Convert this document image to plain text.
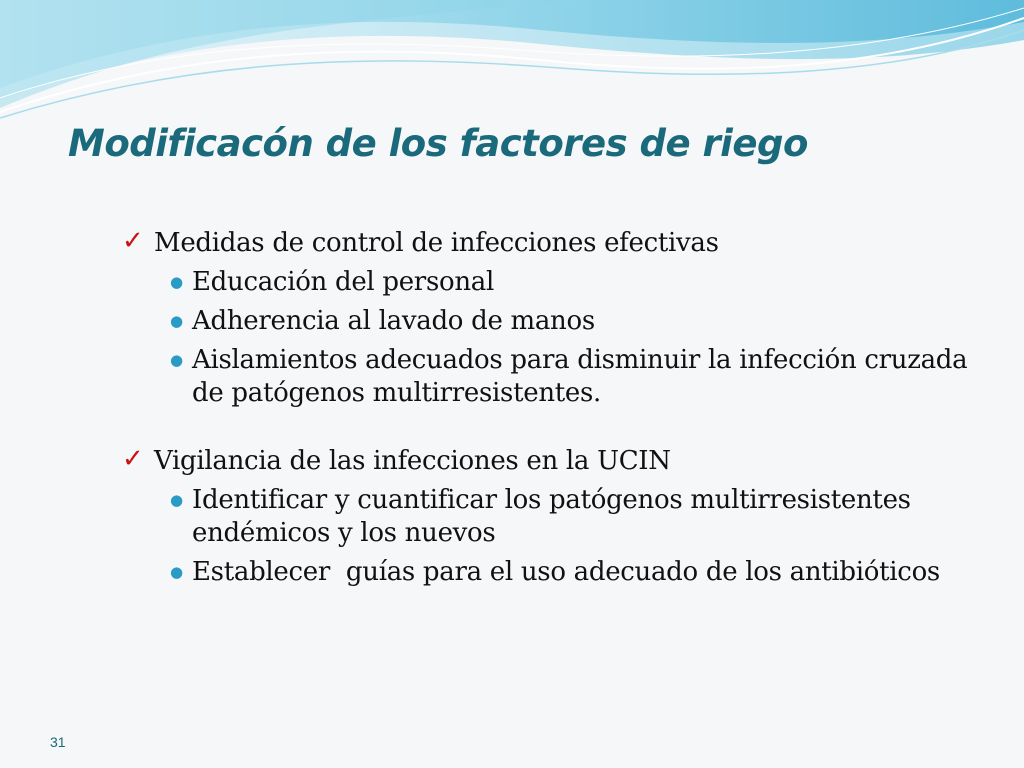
Modificacón de los factores de riego
✓ Medidas de control de infecciones efectivas
● Educación del personal
● Adherencia al lavado de manos
● Aislamientos adecuados para disminuir la infección cruzada de patógenos multirresistentes.
✓ Vigilancia de las infecciones en la UCIN
● Identificar y cuantificar los patógenos multirresistentes endémicos y los nuevos
● Establecer  guías para el uso adecuado de los antibióticos
31
